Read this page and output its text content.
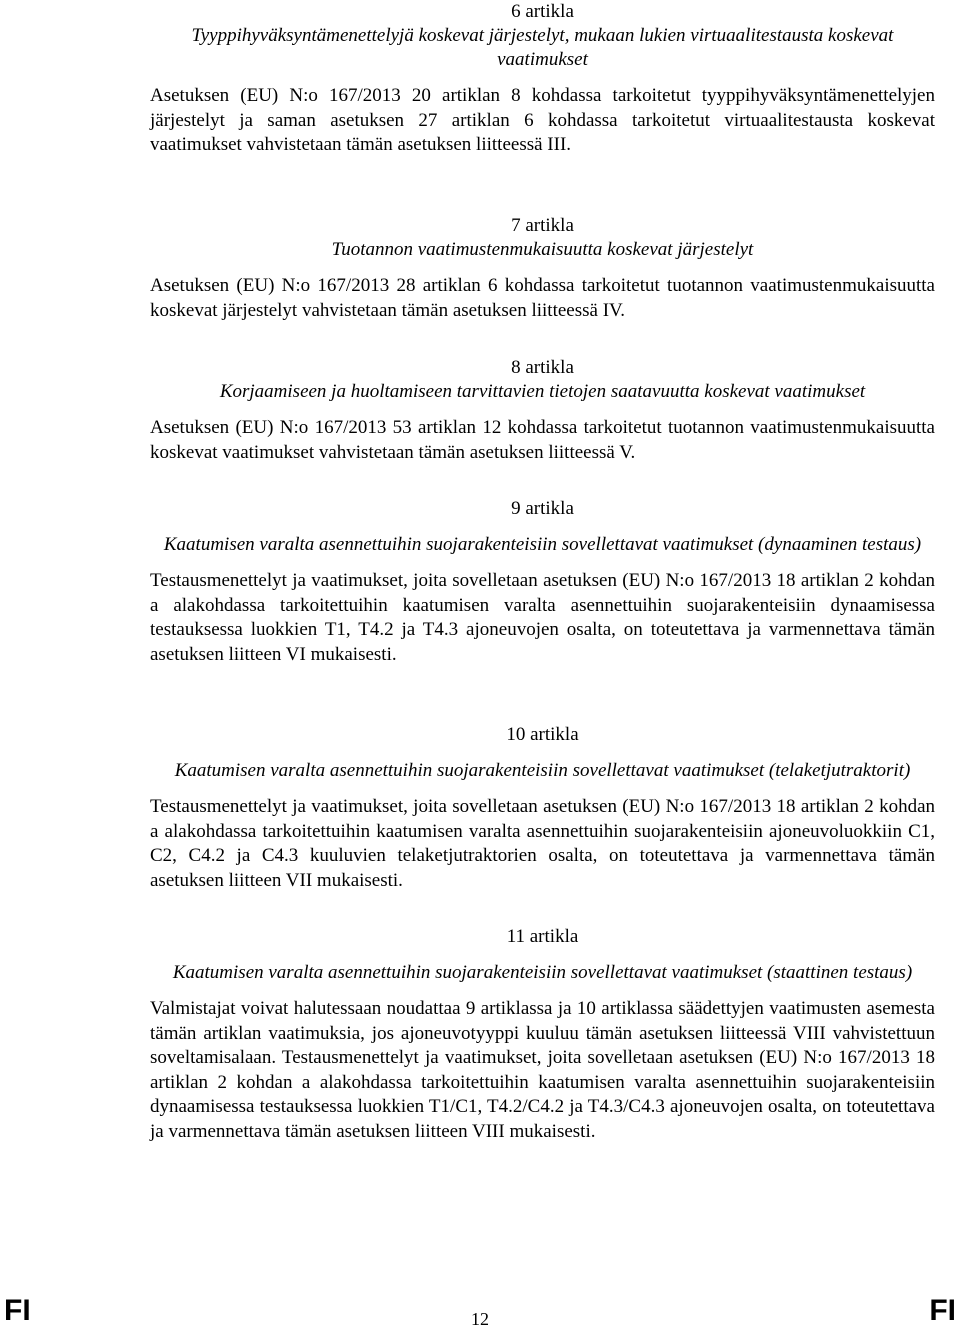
6 artikla

Tyyppihyväksyntämenettelyjä koskevat järjestelyt, mukaan lukien virtuaalitestausta koskevat vaatimukset

Asetuksen (EU) N:o 167/2013 20 artiklan 8 kohdassa tarkoitetut tyyppihyväksyntämenettelyjen järjestelyt ja saman asetuksen 27 artiklan 6 kohdassa tarkoitetut virtuaalitestausta koskevat vaatimukset vahvistetaan tämän asetuksen liitteessä III.

7 artikla

Tuotannon vaatimustenmukaisuutta koskevat järjestelyt

Asetuksen (EU) N:o 167/2013 28 artiklan 6 kohdassa tarkoitetut tuotannon vaatimustenmukaisuutta koskevat järjestelyt vahvistetaan tämän asetuksen liitteessä IV.

8 artikla

Korjaamiseen ja huoltamiseen tarvittavien tietojen saatavuutta koskevat vaatimukset

Asetuksen (EU) N:o 167/2013 53 artiklan 12 kohdassa tarkoitetut tuotannon vaatimustenmukaisuutta koskevat vaatimukset vahvistetaan tämän asetuksen liitteessä V.

9 artikla

Kaatumisen varalta asennettuihin suojarakenteisiin sovellettavat vaatimukset (dynaaminen testaus)

Testausmenettelyt ja vaatimukset, joita sovelletaan asetuksen (EU) N:o 167/2013 18 artiklan 2 kohdan a alakohdassa tarkoitettuihin kaatumisen varalta asennettuihin suojarakenteisiin dynaamisessa testauksessa luokkien T1, T4.2 ja T4.3 ajoneuvojen osalta, on toteutettava ja varmennettava tämän asetuksen liitteen VI mukaisesti.

10 artikla

Kaatumisen varalta asennettuihin suojarakenteisiin sovellettavat vaatimukset (telaketjutraktorit)

Testausmenettelyt ja vaatimukset, joita sovelletaan asetuksen (EU) N:o 167/2013 18 artiklan 2 kohdan a alakohdassa tarkoitettuihin kaatumisen varalta asennettuihin suojarakenteisiin ajoneuvoluokkiin C1, C2, C4.2 ja C4.3 kuuluvien telaketjutraktorien osalta, on toteutettava ja varmennettava tämän asetuksen liitteen VII mukaisesti.

11 artikla

Kaatumisen varalta asennettuihin suojarakenteisiin sovellettavat vaatimukset (staattinen testaus)

Valmistajat voivat halutessaan noudattaa 9 artiklassa ja 10 artiklassa säädettyjen vaatimusten asemesta tämän artiklan vaatimuksia, jos ajoneuvotyyppi kuuluu tämän asetuksen liitteessä VIII vahvistettuun soveltamisalaan. Testausmenettelyt ja vaatimukset, joita sovelletaan asetuksen (EU) N:o 167/2013 18 artiklan 2 kohdan a alakohdassa tarkoitettuihin kaatumisen varalta asennettuihin suojarakenteisiin dynaamisessa testauksessa luokkien T1/C1, T4.2/C4.2 ja T4.3/C4.3 ajoneuvojen osalta, on toteutettava ja varmennettava tämän asetuksen liitteen VIII mukaisesti.

FI	12	FI
